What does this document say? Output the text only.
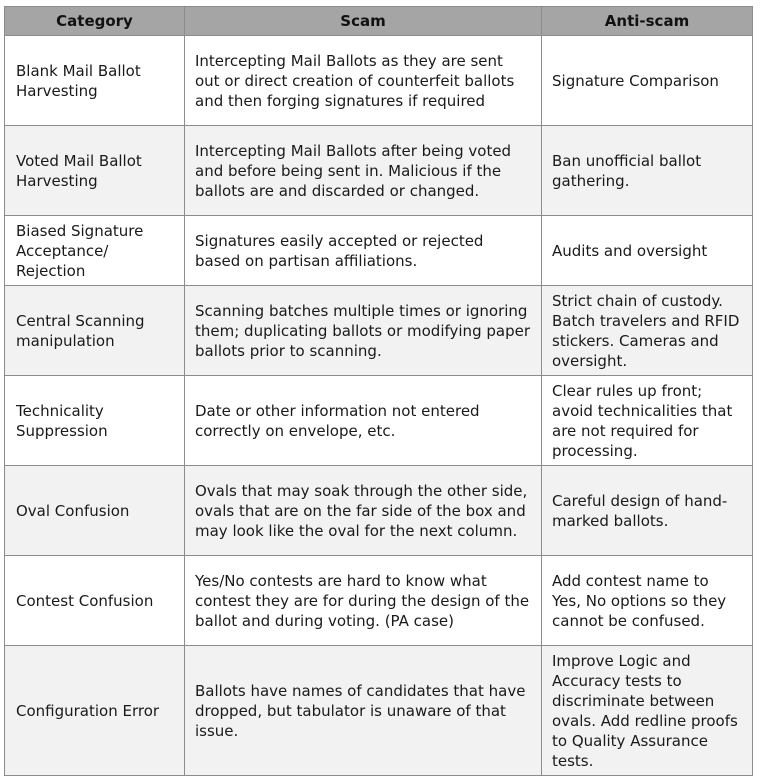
Category	Scam	Anti-scam
Blank Mail Ballot Harvesting	Intercepting Mail Ballots as they are sent out or direct creation of counterfeit ballots and then forging signatures if required	Signature Comparison
Voted Mail Ballot Harvesting	Intercepting Mail Ballots after being voted and before being sent in. Malicious if the ballots are and discarded or changed.	Ban unofficial ballot gathering.
Biased Signature Acceptance/ Rejection	Signatures easily accepted or rejected based on partisan affiliations.	Audits and oversight
Central Scanning manipulation	Scanning batches multiple times or ignoring them; duplicating ballots or modifying paper ballots prior to scanning.	Strict chain of custody. Batch travelers and RFID stickers. Cameras and oversight.
Technicality Suppression	Date or other information not entered correctly on envelope, etc.	Clear rules up front; avoid technicalities that are not required for processing.
Oval Confusion	Ovals that may soak through the other side, ovals that are on the far side of the box and may look like the oval for the next column.	Careful design of hand-marked ballots.
Contest Confusion	Yes/No contests are hard to know what contest they are for during the design of the ballot and during voting. (PA case)	Add contest name to Yes, No options so they cannot be confused.
Configuration Error	Ballots have names of candidates that have dropped, but tabulator is unaware of that issue.	Improve Logic and Accuracy tests to discriminate between ovals. Add redline proofs to Quality Assurance tests.
